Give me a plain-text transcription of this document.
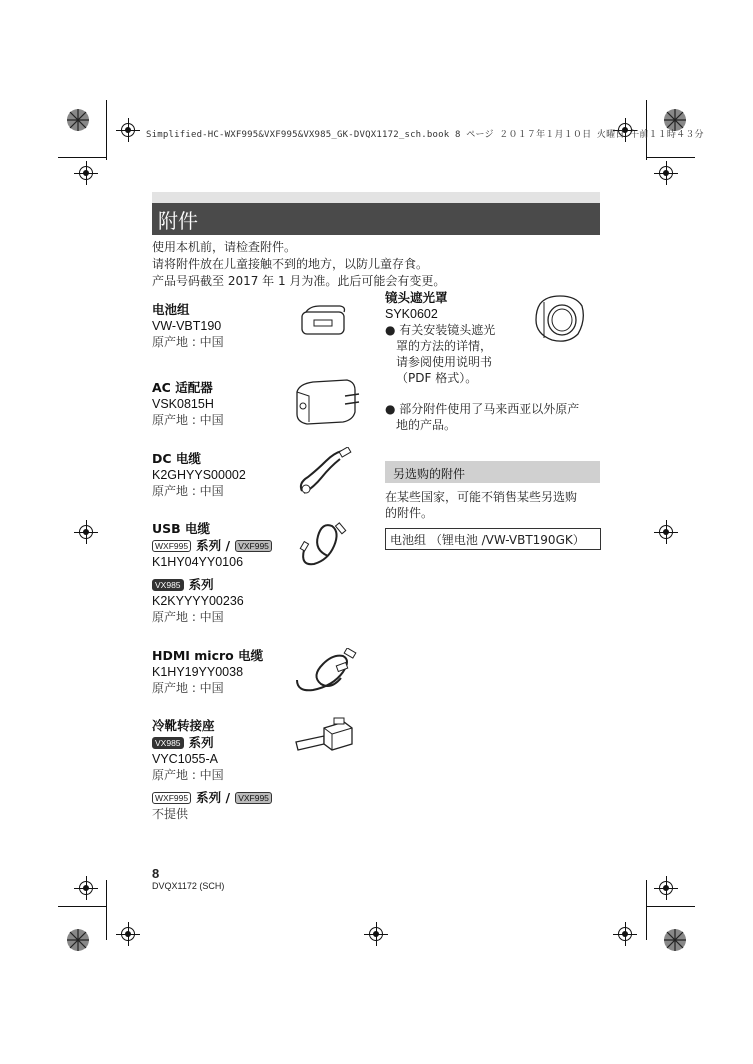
Simplified-HC-WXF995&VXF995&VX985_GK-DVQX1172_sch.book 8 ページ ２０１７年１月１０日 火曜日 午前１１時４３分
附件
使用本机前，请检查附件。
请将附件放在儿童接触不到的地方，以防儿童存食。
产品号码截至 2017 年 1 月为准。此后可能会有变更。
电池组
VW-VBT190
原产地 : 中国
AC 适配器
VSK0815H
原产地 : 中国
DC 电缆
K2GHYYS00002
原产地 : 中国
USB 电缆
WXF995 系列 / VXF995
K1HY04YY0106
VX985 系列
K2KYYYY00236
原产地 : 中国
HDMI micro 电缆
K1HY19YY0038
原产地 : 中国
冷靴转接座
VX985 系列
VYC1055-A
原产地 : 中国
WXF995 系列 / VXF995
不提供
镜头遮光罩
SYK0602
● 有关安装镜头遮光
罩的方法的详情，
请参阅使用说明书
（PDF 格式）。
● 部分附件使用了马来西亚以外原产
地的产品。
另选购的附件
在某些国家，可能不销售某些另选购
的附件。
电池组 （锂电池 /VW-VBT190GK）
8
DVQX1172 (SCH)
